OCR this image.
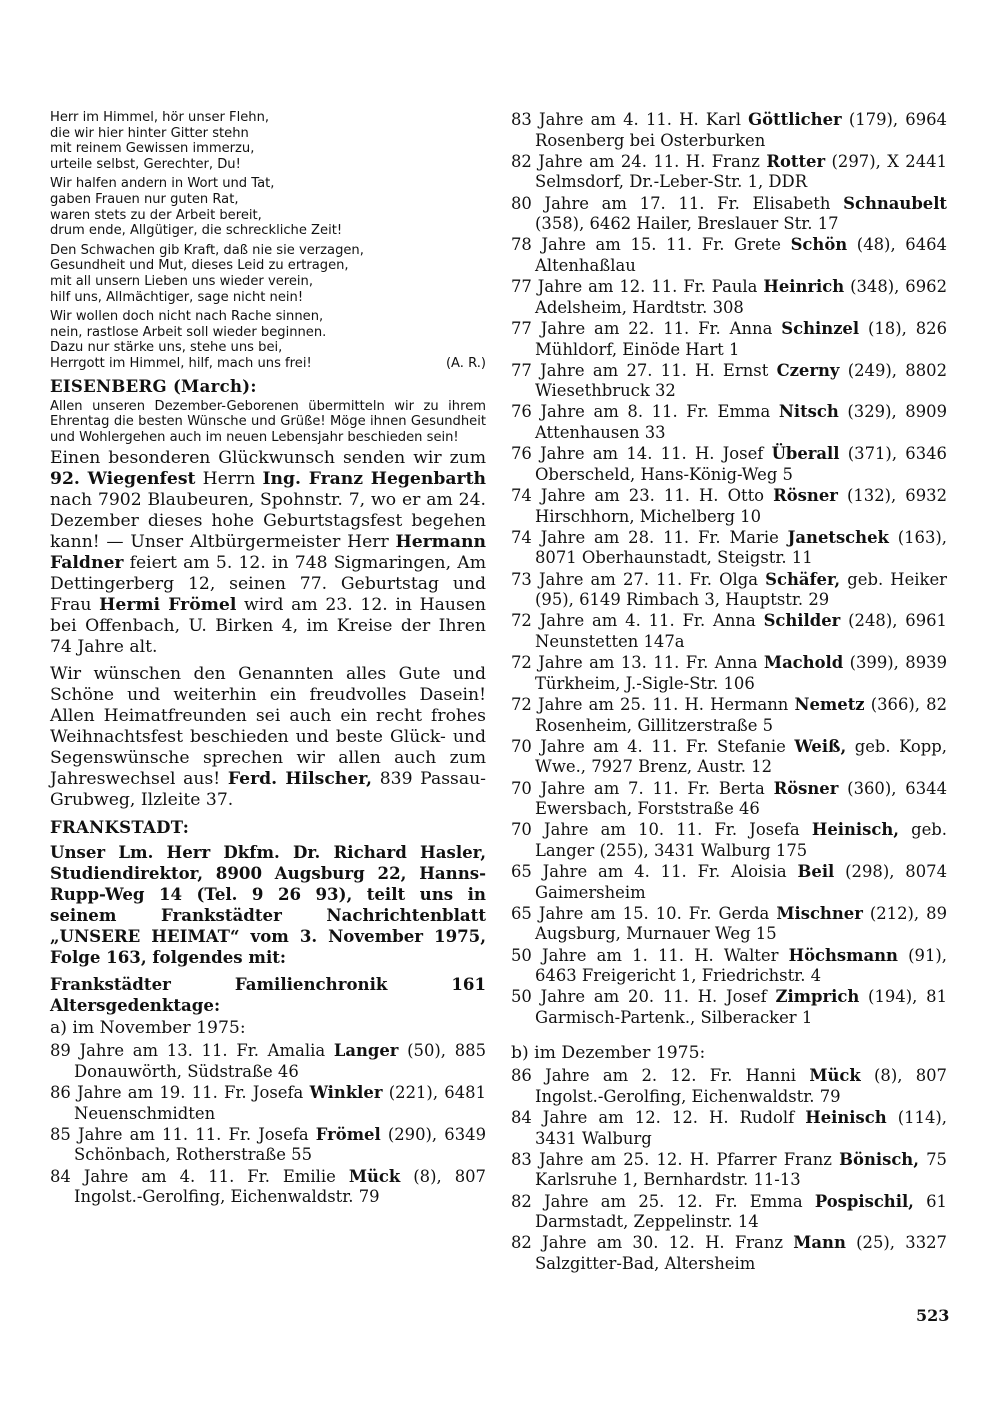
Herr im Himmel, hör unser Flehn,
die wir hier hinter Gitter stehn
mit reinem Gewissen immerzu,
urteile selbst, Gerechter, Du!
Wir halfen andern in Wort und Tat,
gaben Frauen nur guten Rat,
waren stets zu der Arbeit bereit,
drum ende, Allgütiger, die schreckliche Zeit!
Den Schwachen gib Kraft, daß nie sie verzagen,
Gesundheit und Mut, dieses Leid zu ertragen,
mit all unsern Lieben uns wieder verein,
hilf uns, Allmächtiger, sage nicht nein!
Wir wollen doch nicht nach Rache sinnen,
nein, rastlose Arbeit soll wieder beginnen.
Dazu nur stärke uns, stehe uns bei,
Herrgott im Himmel, hilf, mach uns frei!	(A. R.)
EISENBERG (March):
Allen unseren Dezember-Geborenen übermitteln wir zu ihrem Ehrentag die besten Wünsche und Grüße! Möge ihnen Gesundheit und Wohlergehen auch im neuen Lebensjahr beschieden sein!

Einen besonderen Glückwunsch senden wir zum 92. Wiegenfest Herrn Ing. Franz Hegenbarth nach 7902 Blaubeuren, Spohnstr. 7, wo er am 24. Dezember dieses hohe Geburtstagsfest begehen kann! — Unser Altbürgermeister Herr Hermann Faldner feiert am 5. 12. in 748 Sigmaringen, Am Dettingerberg 12, seinen 77. Geburtstag und Frau Hermi Frömel wird am 23. 12. in Hausen bei Offenbach, U. Birken 4, im Kreise der Ihren 74 Jahre alt.

Wir wünschen den Genannten alles Gute und Schöne und weiterhin ein freudvolles Dasein! Allen Heimatfreunden sei auch ein recht frohes Weihnachtsfest beschieden und beste Glück- und Segenswünsche sprechen wir allen auch zum Jahreswechsel aus! Ferd. Hilscher, 839 Passau-Grubweg, Ilzleite 37.

FRANKSTADT:
Unser Lm. Herr Dkfm. Dr. Richard Hasler, Studiendirektor, 8900 Augsburg 22, Hanns-Rupp-Weg 14 (Tel. 9 26 93), teilt uns in seinem Frankstädter Nachrichtenblatt „UNSERE HEIMAT“ vom 3. November 1975, Folge 163, folgendes mit:
Frankstädter Familienchronik 161 Altersgedenktage:
a) im November 1975:
89 Jahre am 13. 11. Fr. Amalia Langer (50), 885 Donauwörth, Südstraße 46
86 Jahre am 19. 11. Fr. Josefa Winkler (221), 6481 Neuenschmidten
85 Jahre am 11. 11. Fr. Josefa Frömel (290), 6349 Schönbach, Rotherstraße 55
84 Jahre am 4. 11. Fr. Emilie Mück (8), 807 Ingolst.-Gerolfing, Eichenwaldstr. 79
83 Jahre am 4. 11. H. Karl Göttlicher (179), 6964 Rosenberg bei Osterburken
82 Jahre am 24. 11. H. Franz Rotter (297), X 2441 Selmsdorf, Dr.-Leber-Str. 1, DDR
80 Jahre am 17. 11. Fr. Elisabeth Schnaubelt (358), 6462 Hailer, Breslauer Str. 17
78 Jahre am 15. 11. Fr. Grete Schön (48), 6464 Altenhaßlau
77 Jahre am 12. 11. Fr. Paula Heinrich (348), 6962 Adelsheim, Hardtstr. 308
77 Jahre am 22. 11. Fr. Anna Schinzel (18), 826 Mühldorf, Einöde Hart 1
77 Jahre am 27. 11. H. Ernst Czerny (249), 8802 Wiesethbruck 32
76 Jahre am 8. 11. Fr. Emma Nitsch (329), 8909 Attenhausen 33
76 Jahre am 14. 11. H. Josef Überall (371), 6346 Oberscheld, Hans-König-Weg 5
74 Jahre am 23. 11. H. Otto Rösner (132), 6932 Hirschhorn, Michelberg 10
74 Jahre am 28. 11. Fr. Marie Janetschek (163), 8071 Oberhaunstadt, Steigstr. 11
73 Jahre am 27. 11. Fr. Olga Schäfer, geb. Heiker (95), 6149 Rimbach 3, Hauptstr. 29
72 Jahre am 4. 11. Fr. Anna Schilder (248), 6961 Neunstetten 147a
72 Jahre am 13. 11. Fr. Anna Machold (399), 8939 Türkheim, J.-Sigle-Str. 106
72 Jahre am 25. 11. H. Hermann Nemetz (366), 82 Rosenheim, Gillitzerstraße 5
70 Jahre am 4. 11. Fr. Stefanie Weiß, geb. Kopp, Wwe., 7927 Brenz, Austr. 12
70 Jahre am 7. 11. Fr. Berta Rösner (360), 6344 Ewersbach, Forststraße 46
70 Jahre am 10. 11. Fr. Josefa Heinisch, geb. Langer (255), 3431 Walburg 175
65 Jahre am 4. 11. Fr. Aloisia Beil (298), 8074 Gaimersheim
65 Jahre am 15. 10. Fr. Gerda Mischner (212), 89 Augsburg, Murnauer Weg 15
50 Jahre am 1. 11. H. Walter Höchsmann (91), 6463 Freigericht 1, Friedrichstr. 4
50 Jahre am 20. 11. H. Josef Zimprich (194), 81 Garmisch-Partenk., Silberacker 1
b) im Dezember 1975:
86 Jahre am 2. 12. Fr. Hanni Mück (8), 807 Ingolst.-Gerolfing, Eichenwaldstr. 79
84 Jahre am 12. 12. H. Rudolf Heinisch (114), 3431 Walburg
83 Jahre am 25. 12. H. Pfarrer Franz Bönisch, 75 Karlsruhe 1, Bernhardstr. 11-13
82 Jahre am 25. 12. Fr. Emma Pospischil, 61 Darmstadt, Zeppelinstr. 14
82 Jahre am 30. 12. H. Franz Mann (25), 3327 Salzgitter-Bad, Altersheim
523
